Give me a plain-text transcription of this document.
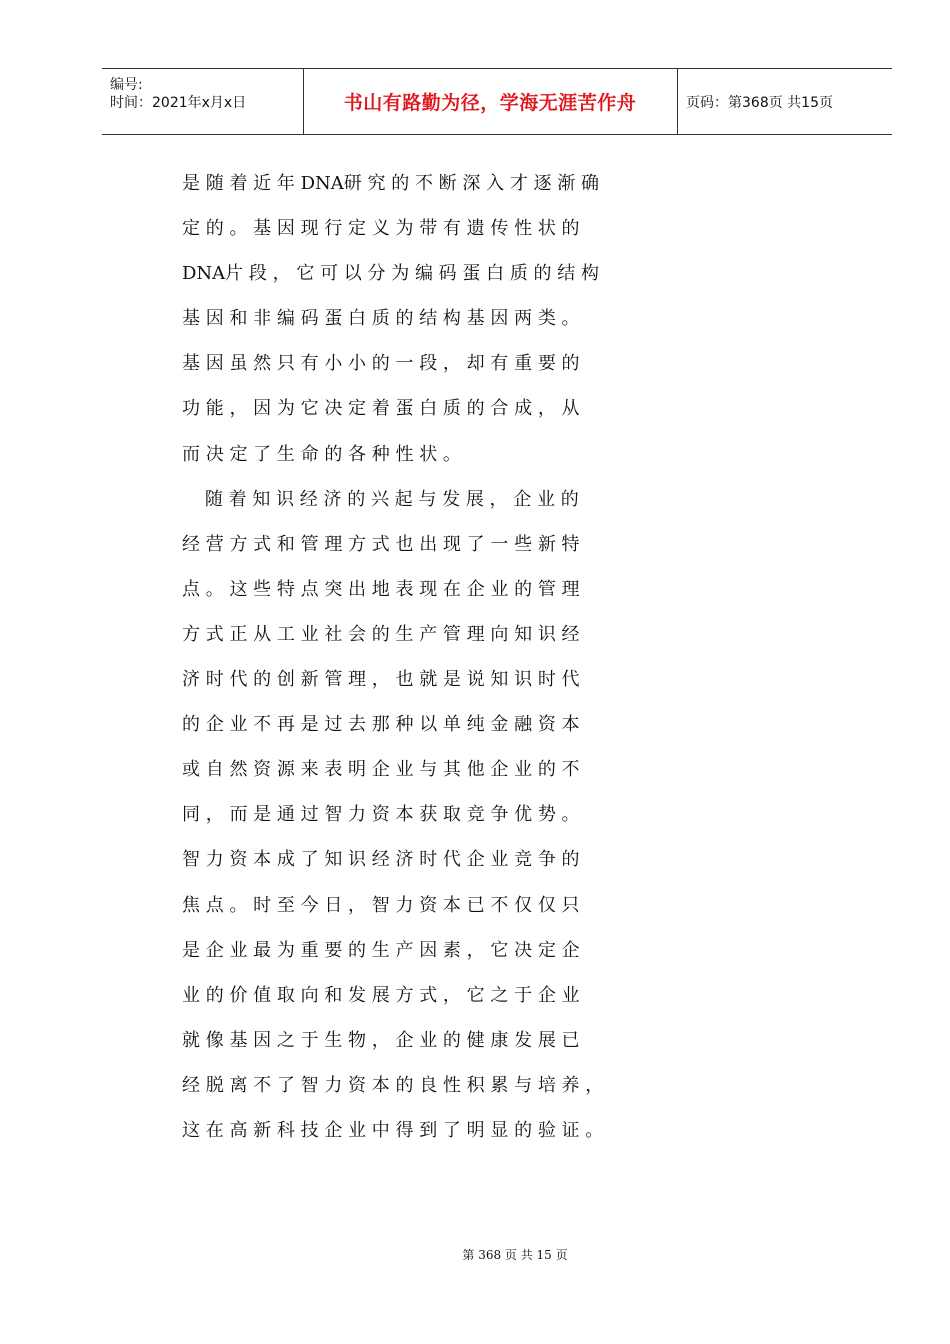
编号:
时间：2021年x月x日	书山有路勤为径，学海无涯苦作舟	页码：第368页 共15页
是 随 着 近 年 DNA研 究 的 不 断 深 入 才 逐 渐 确
定 的 。 基 因 现 行 定 义 为 带 有 遗 传 性 状 的
DNA片 段 ， 它 可 以 分 为 编 码 蛋 白 质 的 结 构
基 因 和 非 编 码 蛋 白 质 的 结 构 基 因 两 类 。
基 因 虽 然 只 有 小 小 的 一 段 ， 却 有 重 要 的
功 能 ， 因 为 它 决 定 着 蛋 白 质 的 合 成 ， 从
而 决 定 了 生 命 的 各 种 性 状 。
随 着 知 识 经 济 的 兴 起 与 发 展 ， 企 业 的
经 营 方 式 和 管 理 方 式 也 出 现 了 一 些 新 特
点 。 这 些 特 点 突 出 地 表 现 在 企 业 的 管 理
方 式 正 从 工 业 社 会 的 生 产 管 理 向 知 识 经
济 时 代 的 创 新 管 理 ， 也 就 是 说 知 识 时 代
的 企 业 不 再 是 过 去 那 种 以 单 纯 金 融 资 本
或 自 然 资 源 来 表 明 企 业 与 其 他 企 业 的 不
同 ， 而 是 通 过 智 力 资 本 获 取 竞 争 优 势 。
智 力 资 本 成 了 知 识 经 济 时 代 企 业 竞 争 的
焦 点 。 时 至 今 日 ， 智 力 资 本 已 不 仅 仅 只
是 企 业 最 为 重 要 的 生 产 因 素 ， 它 决 定 企
业 的 价 值 取 向 和 发 展 方 式 ， 它 之 于 企 业
就 像 基 因 之 于 生 物 ， 企 业 的 健 康 发 展 已
经 脱 离 不 了 智 力 资 本 的 良 性 积 累 与 培 养 ，
这 在 高 新 科 技 企 业 中 得 到 了 明 显 的 验 证 。
第 368 页 共 15 页
